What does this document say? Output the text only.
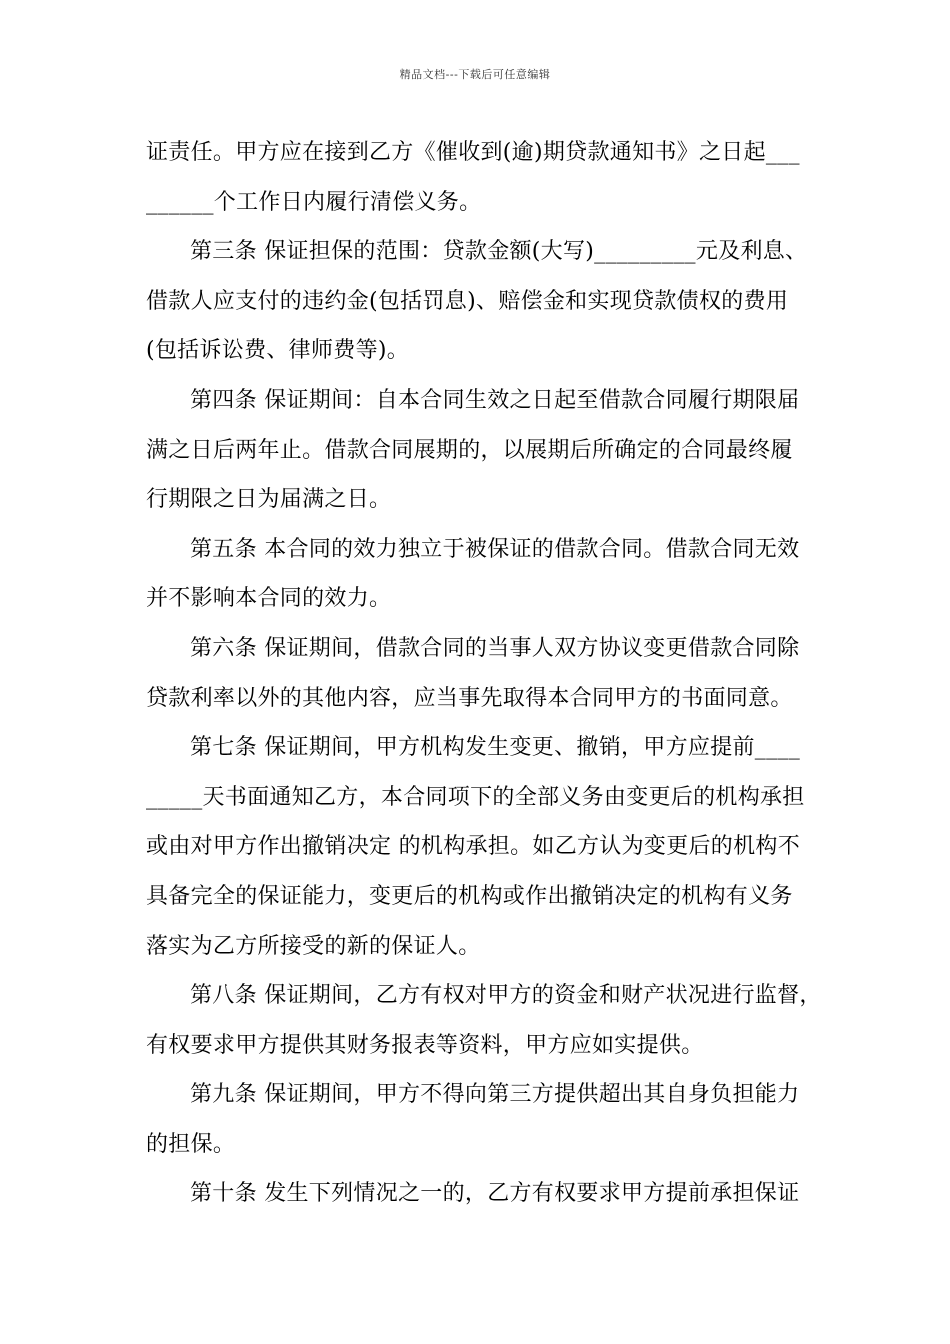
精品文档---下载后可任意编辑
证责任。甲方应在接到乙方《催收到(逾)期贷款通知书》之日起___
______个工作日内履行清偿义务。
第三条 保证担保的范围：贷款金额(大写)_________元及利息、
借款人应支付的违约金(包括罚息)、赔偿金和实现贷款债权的费用
(包括诉讼费、律师费等)。
第四条 保证期间：自本合同生效之日起至借款合同履行期限届
满之日后两年止。借款合同展期的，以展期后所确定的合同最终履
行期限之日为届满之日。
第五条 本合同的效力独立于被保证的借款合同。借款合同无效
并不影响本合同的效力。
第六条 保证期间，借款合同的当事人双方协议变更借款合同除
贷款利率以外的其他内容，应当事先取得本合同甲方的书面同意。
第七条 保证期间，甲方机构发生变更、撤销，甲方应提前____
_____天书面通知乙方，本合同项下的全部义务由变更后的机构承担
或由对甲方作出撤销决定 的机构承担。如乙方认为变更后的机构不
具备完全的保证能力，变更后的机构或作出撤销决定的机构有义务
落实为乙方所接受的新的保证人。
第八条 保证期间，乙方有权对甲方的资金和财产状况进行监督，
有权要求甲方提供其财务报表等资料，甲方应如实提供。
第九条 保证期间，甲方不得向第三方提供超出其自身负担能力
的担保。
第十条 发生下列情况之一的，乙方有权要求甲方提前承担保证
